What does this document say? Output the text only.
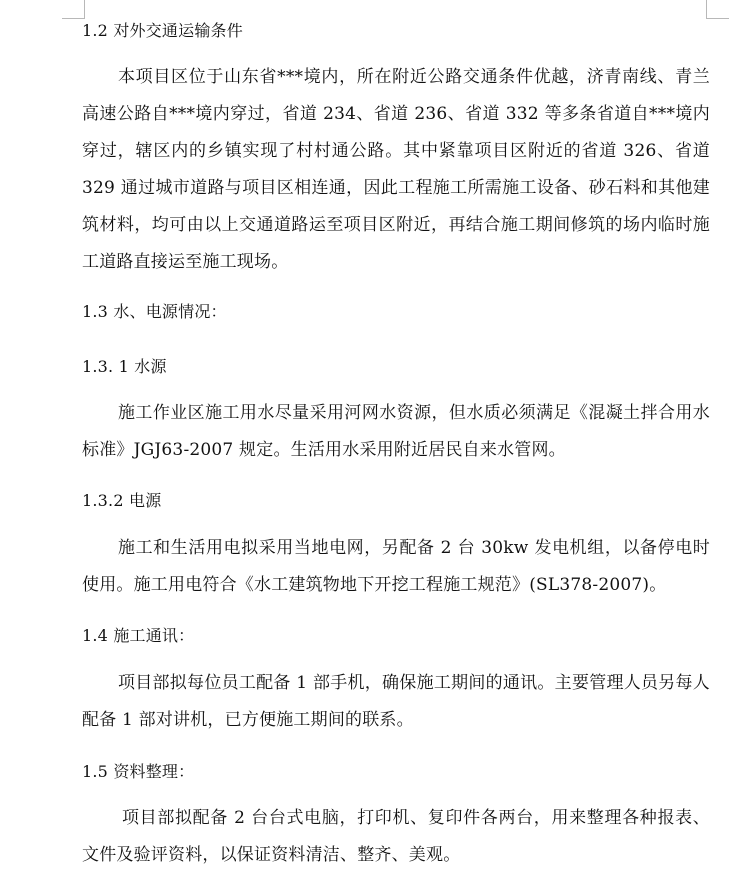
1.2 对外交通运输条件

本项目区位于山东省***境内，所在附近公路交通条件优越，济青南线、青兰高速公路自***境内穿过，省道 234、省道 236、省道 332 等多条省道自***境内穿过，辖区内的乡镇实现了村村通公路。其中紧靠项目区附近的省道 326、省道 329 通过城市道路与项目区相连通，因此工程施工所需施工设备、砂石料和其他建筑材料，均可由以上交通道路运至项目区附近，再结合施工期间修筑的场内临时施工道路直接运至施工现场。

1.3 水、电源情况：
1.3. 1 水源

施工作业区施工用水尽量采用河网水资源，但水质必须满足《混凝土拌合用水标准》JGJ63-2007 规定。生活用水采用附近居民自来水管网。

1.3.2 电源

施工和生活用电拟采用当地电网，另配备 2 台 30kw 发电机组，以备停电时使用。施工用电符合《水工建筑物地下开挖工程施工规范》(SL378-2007)。

1.4 施工通讯：

项目部拟每位员工配备 1 部手机，确保施工期间的通讯。主要管理人员另每人配备 1 部对讲机，已方便施工期间的联系。

1.5 资料整理：

项目部拟配备 2 台台式电脑，打印机、复印件各两台，用来整理各种报表、文件及验评资料，以保证资料清洁、整齐、美观。
